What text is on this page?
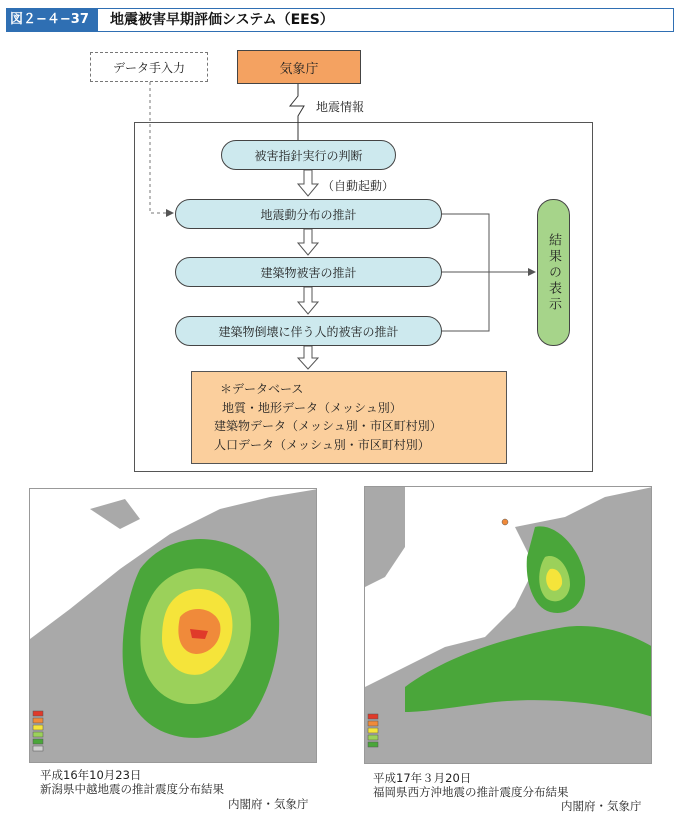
図２−４−37	地震被害早期評価システム（EES）
データ手入力	気象庁
地震情報
（自動起動）
被害指針実行の判断
地震動分布の推計
建築物被害の推計
建築物倒壊に伴う人的被害の推計
結果の表示
＊データベース
地質・地形データ（メッシュ別）
建築物データ（メッシュ別・市区町村別）
人口データ（メッシュ別・市区町村別）
平成16年10月23日
新潟県中越地震の推計震度分布結果
内閣府・気象庁
平成17年３月20日
福岡県西方沖地震の推計震度分布結果
内閣府・気象庁
